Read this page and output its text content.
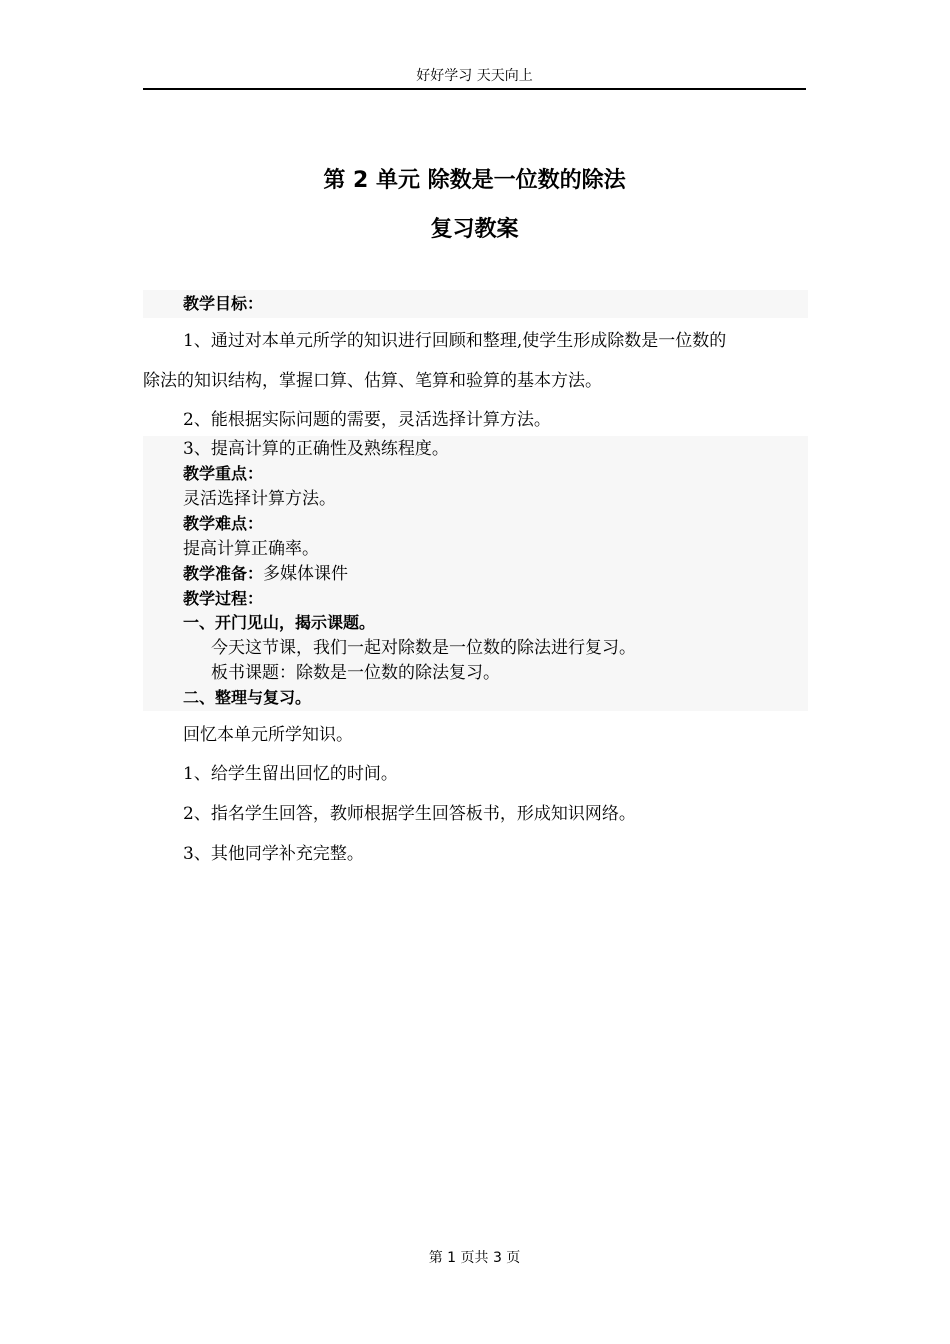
好好学习 天天向上
第 2 单元 除数是一位数的除法
复习教案
教学目标：
1、通过对本单元所学的知识进行回顾和整理,使学生形成除数是一位数的
除法的知识结构，掌握口算、估算、笔算和验算的基本方法。
2、能根据实际问题的需要，灵活选择计算方法。
3、提高计算的正确性及熟练程度。
教学重点：
灵活选择计算方法。
教学难点：
提高计算正确率。
教学准备：多媒体课件
教学过程：
一、开门见山，揭示课题。
今天这节课，我们一起对除数是一位数的除法进行复习。
板书课题：除数是一位数的除法复习。
二、整理与复习。
回忆本单元所学知识。
1、给学生留出回忆的时间。
2、指名学生回答，教师根据学生回答板书，形成知识网络。
3、其他同学补充完整。
第 1 页共 3 页
